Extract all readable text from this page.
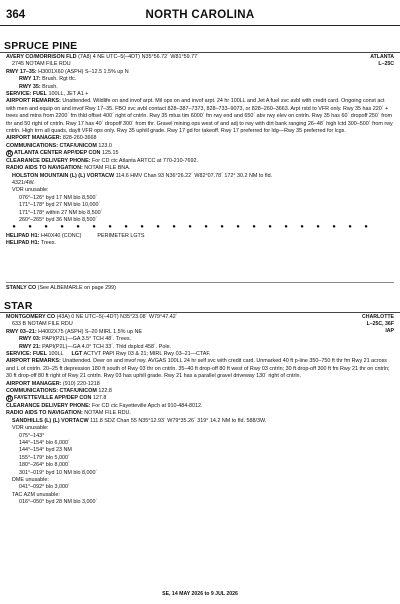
364	NORTH CAROLINA
SPRUCE PINE
ATLANTA
L–25C
AVERY CO/MORRISON FLD (7A8) 4 NE UTC–5(–4DT) N35°56.72´ W81°59.77´
2745 NOTAM FILE RDU
RWY 17–35: H3001X60 (ASPH) S–12.5 1.5% up N
RWY 17: Brush. Rgt tfc.
RWY 35: Brush.
SERVICE: FUEL 100LL, JET A1 +
AIRPORT REMARKS: Unattended. Wildlife on and invof arpt. Mil ops on and invof arpt. 24 hr 100LL and Jet A fuel svc avbl with credit card. Ongoing const act with men and equip on and invof Rwy 17–35. FBO svc avbl contact 828–387–7373, 828–733–9073, or 828–260–3663. Arpt rstd to VFR only. Rwy 35 has 220´ + trees and mtns from 2200´ fm thld offset 400´ right of cntrln. Rwy 35 mtus tim 6000´ fm rwy end and 650´ abv rwy elev on cntrln. Rwy 35 has 60´ dropoff 250´ from thr and 50 right of cntrln. Rwy 17 has 40´ dropoff 300´ from thr. Gravel mining ops west of and adj to rwy with dirt bank ranging 26–48´ high lctd 300–500´ from rwy cntrln. High trrn all quads, daylt VFR ops only. Rwy 35 uphill grade. Rwy 17 gd for takeoff. Rwy 17 preferred for ldg—Rwy 35 preferred for lcgs.
AIRPORT MANAGER: 828-260-3668
COMMUNICATIONS: CTAF/UNICOM 123.0
R ATLANTA CENTER APP/DEP CON 125.15
CLEARANCE DELIVERY PHONE: For CD ctc Atlanta ARTCC at 770-210-7692.
RADIO AIDS TO NAVIGATION: NOTAM FILE BNA.
HOLSTON MOUNTAIN (L) (L) VORTACW 114.6 HMV Chan 93 N36°26.22´ W82°07.78´ 172° 30.2 NM to fld.
4321/4W.
VOR unusable:
076°–126° byd 17 NM blo 8,500´
171°–178° byd 27 NM blo 10,000´
171°–178° within 27 NM blo 8,500´
260°–265° byd 36 NM blo 8,500´
● ● ● ● ● ● ● ● ● ● ● ● ● ● ● ● ● ● ● ● ● ● ●
HELIPAD H1: H40X40 (CONC)	PERIMETER LGTS
HELIPAD H1: Trees.
STANLY CO (See ALBEMARLE on page 299)
STAR
CHARLOTTE
L–25C, 36F
IAP
MONTGOMERY CO (43A) 0 NE UTC–5(–4DT) N35°23.08´ W79°47.42´
633 B NOTAM FILE RDU
RWY 03–21: H4002X75 (ASPH) S–20 MIRL 1.5% up NE
RWY 03: PAPI(P2L)—GA 3.5° TCH 48´. Trees.
RWY 21: PAPI(P2L)—GA 4.0° TCH 33´. Thld dsplcd 458´. Pole.
SERVICE: FUEL 100LL LGT ACTVT PAPI Rwy 03 & 21; MIRL Rwy 03–21—CTAF.
AIRPORT REMARKS: Unattended. Deer on and invof rwy. AVGAS 100LL 24 hr self svc with credit card. Unmarked 40 ft p-line 350–750 ft thr fm Rwy 21 across and L of cntrln. 20–25 ft depression 180 ft south of Rwy 03 thr on cntrln. 35–40 ft drop-off 80 ft west of Rwy 03 cntrln; 30 ft drop-off 300 ft fm Rwy 21 thr on cntrln; 30 ft drop-off 80 ft right of Rwy 21 cntrln. Rwy 03 has uphill grade. Rwy 21 has a parallel gravel driveway 130´ right of cntrln.
AIRPORT MANAGER: (910) 220-1218
COMMUNICATIONS: CTAF/UNICOM 122.8
R FAYETTEVILLE APP/DEP CON 127.8
CLEARANCE DELIVERY PHONE: For CD ctc Fayetteville Apch at 910-484-8012.
RADIO AIDS TO NAVIGATION: NOTAM FILE RDU.
SANDHILLS (L) (L) VORTACW 111.8 SDZ Chan 55 N35°12.93´ W79°35.26´ 319° 14.2 NM to fld. 588/3W.
VOR unusable:
075°–143°
144°–154° blo 6,000´
144°–154° byd 23 NM
155°–179° blo 5,000´
180°–264° blo 8,000´
301°–019° byd 10 NM blo 8,000´
DME unusable:
041°–092° blo 3,000´
TAC AZM unusable:
016°–050° byd 28 NM blo 3,000´
SE, 14 MAY 2026 to 9 JUL 2026
